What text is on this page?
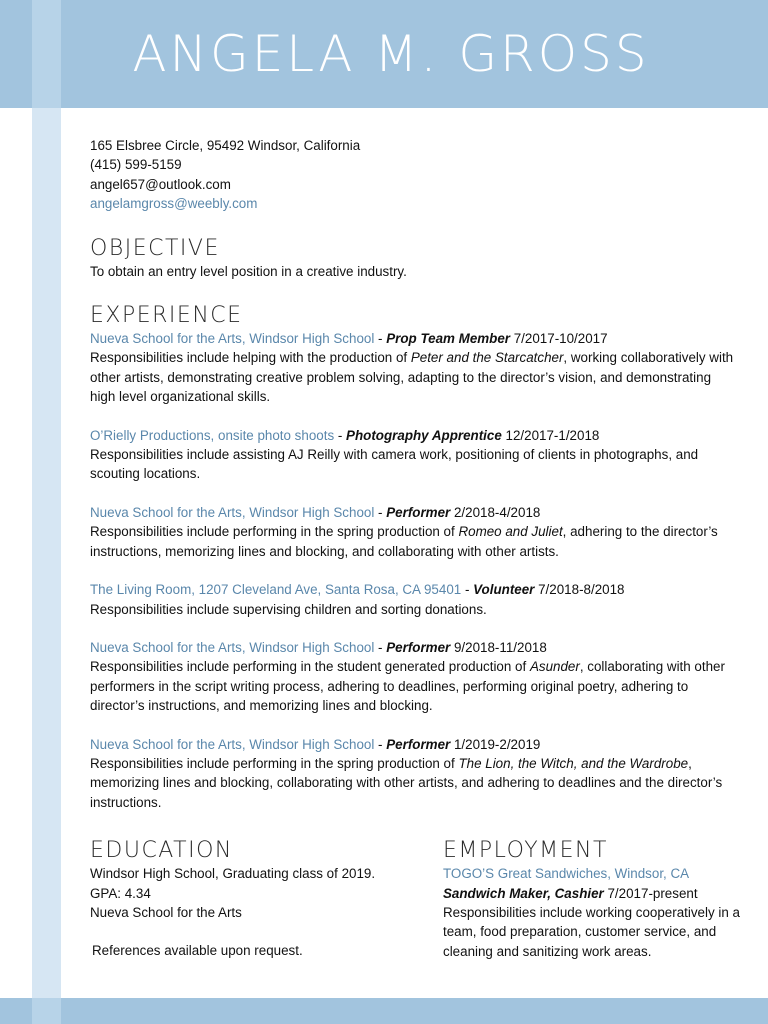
ANGELA M. GROSS
165 Elsbree Circle, 95492 Windsor, California
(415) 599-5159
angel657@outlook.com
angelamgross@weebly.com
OBJECTIVE
To obtain an entry level position in a creative industry.
EXPERIENCE
Nueva School for the Arts, Windsor High School - Prop Team Member 7/2017-10/2017
Responsibilities include helping with the production of Peter and the Starcatcher, working collaboratively with other artists, demonstrating creative problem solving, adapting to the director’s vision, and demonstrating high level organizational skills.
O’Rielly Productions, onsite photo shoots - Photography Apprentice 12/2017-1/2018
Responsibilities include assisting AJ Reilly with camera work, positioning of clients in photographs, and scouting locations.
Nueva School for the Arts, Windsor High School - Performer 2/2018-4/2018
Responsibilities include performing in the spring production of Romeo and Juliet, adhering to the director’s instructions, memorizing lines and blocking, and collaborating with other artists.
The Living Room, 1207 Cleveland Ave, Santa Rosa, CA 95401 - Volunteer 7/2018-8/2018
Responsibilities include supervising children and sorting donations.
Nueva School for the Arts, Windsor High School - Performer 9/2018-11/2018
Responsibilities include performing in the student generated production of Asunder, collaborating with other performers in the script writing process, adhering to deadlines, performing original poetry, adhering to director’s instructions, and memorizing lines and blocking.
Nueva School for the Arts, Windsor High School - Performer 1/2019-2/2019
Responsibilities include performing in the spring production of The Lion, the Witch, and the Wardrobe, memorizing lines and blocking, collaborating with other artists, and adhering to deadlines and the director’s instructions.
EDUCATION
Windsor High School, Graduating class of 2019.
GPA: 4.34
Nueva School for the Arts
References available upon request.
EMPLOYMENT
TOGO’S Great Sandwiches, Windsor, CA
Sandwich Maker, Cashier 7/2017-present
Responsibilities include working cooperatively in a team, food preparation, customer service, and cleaning and sanitizing work areas.
